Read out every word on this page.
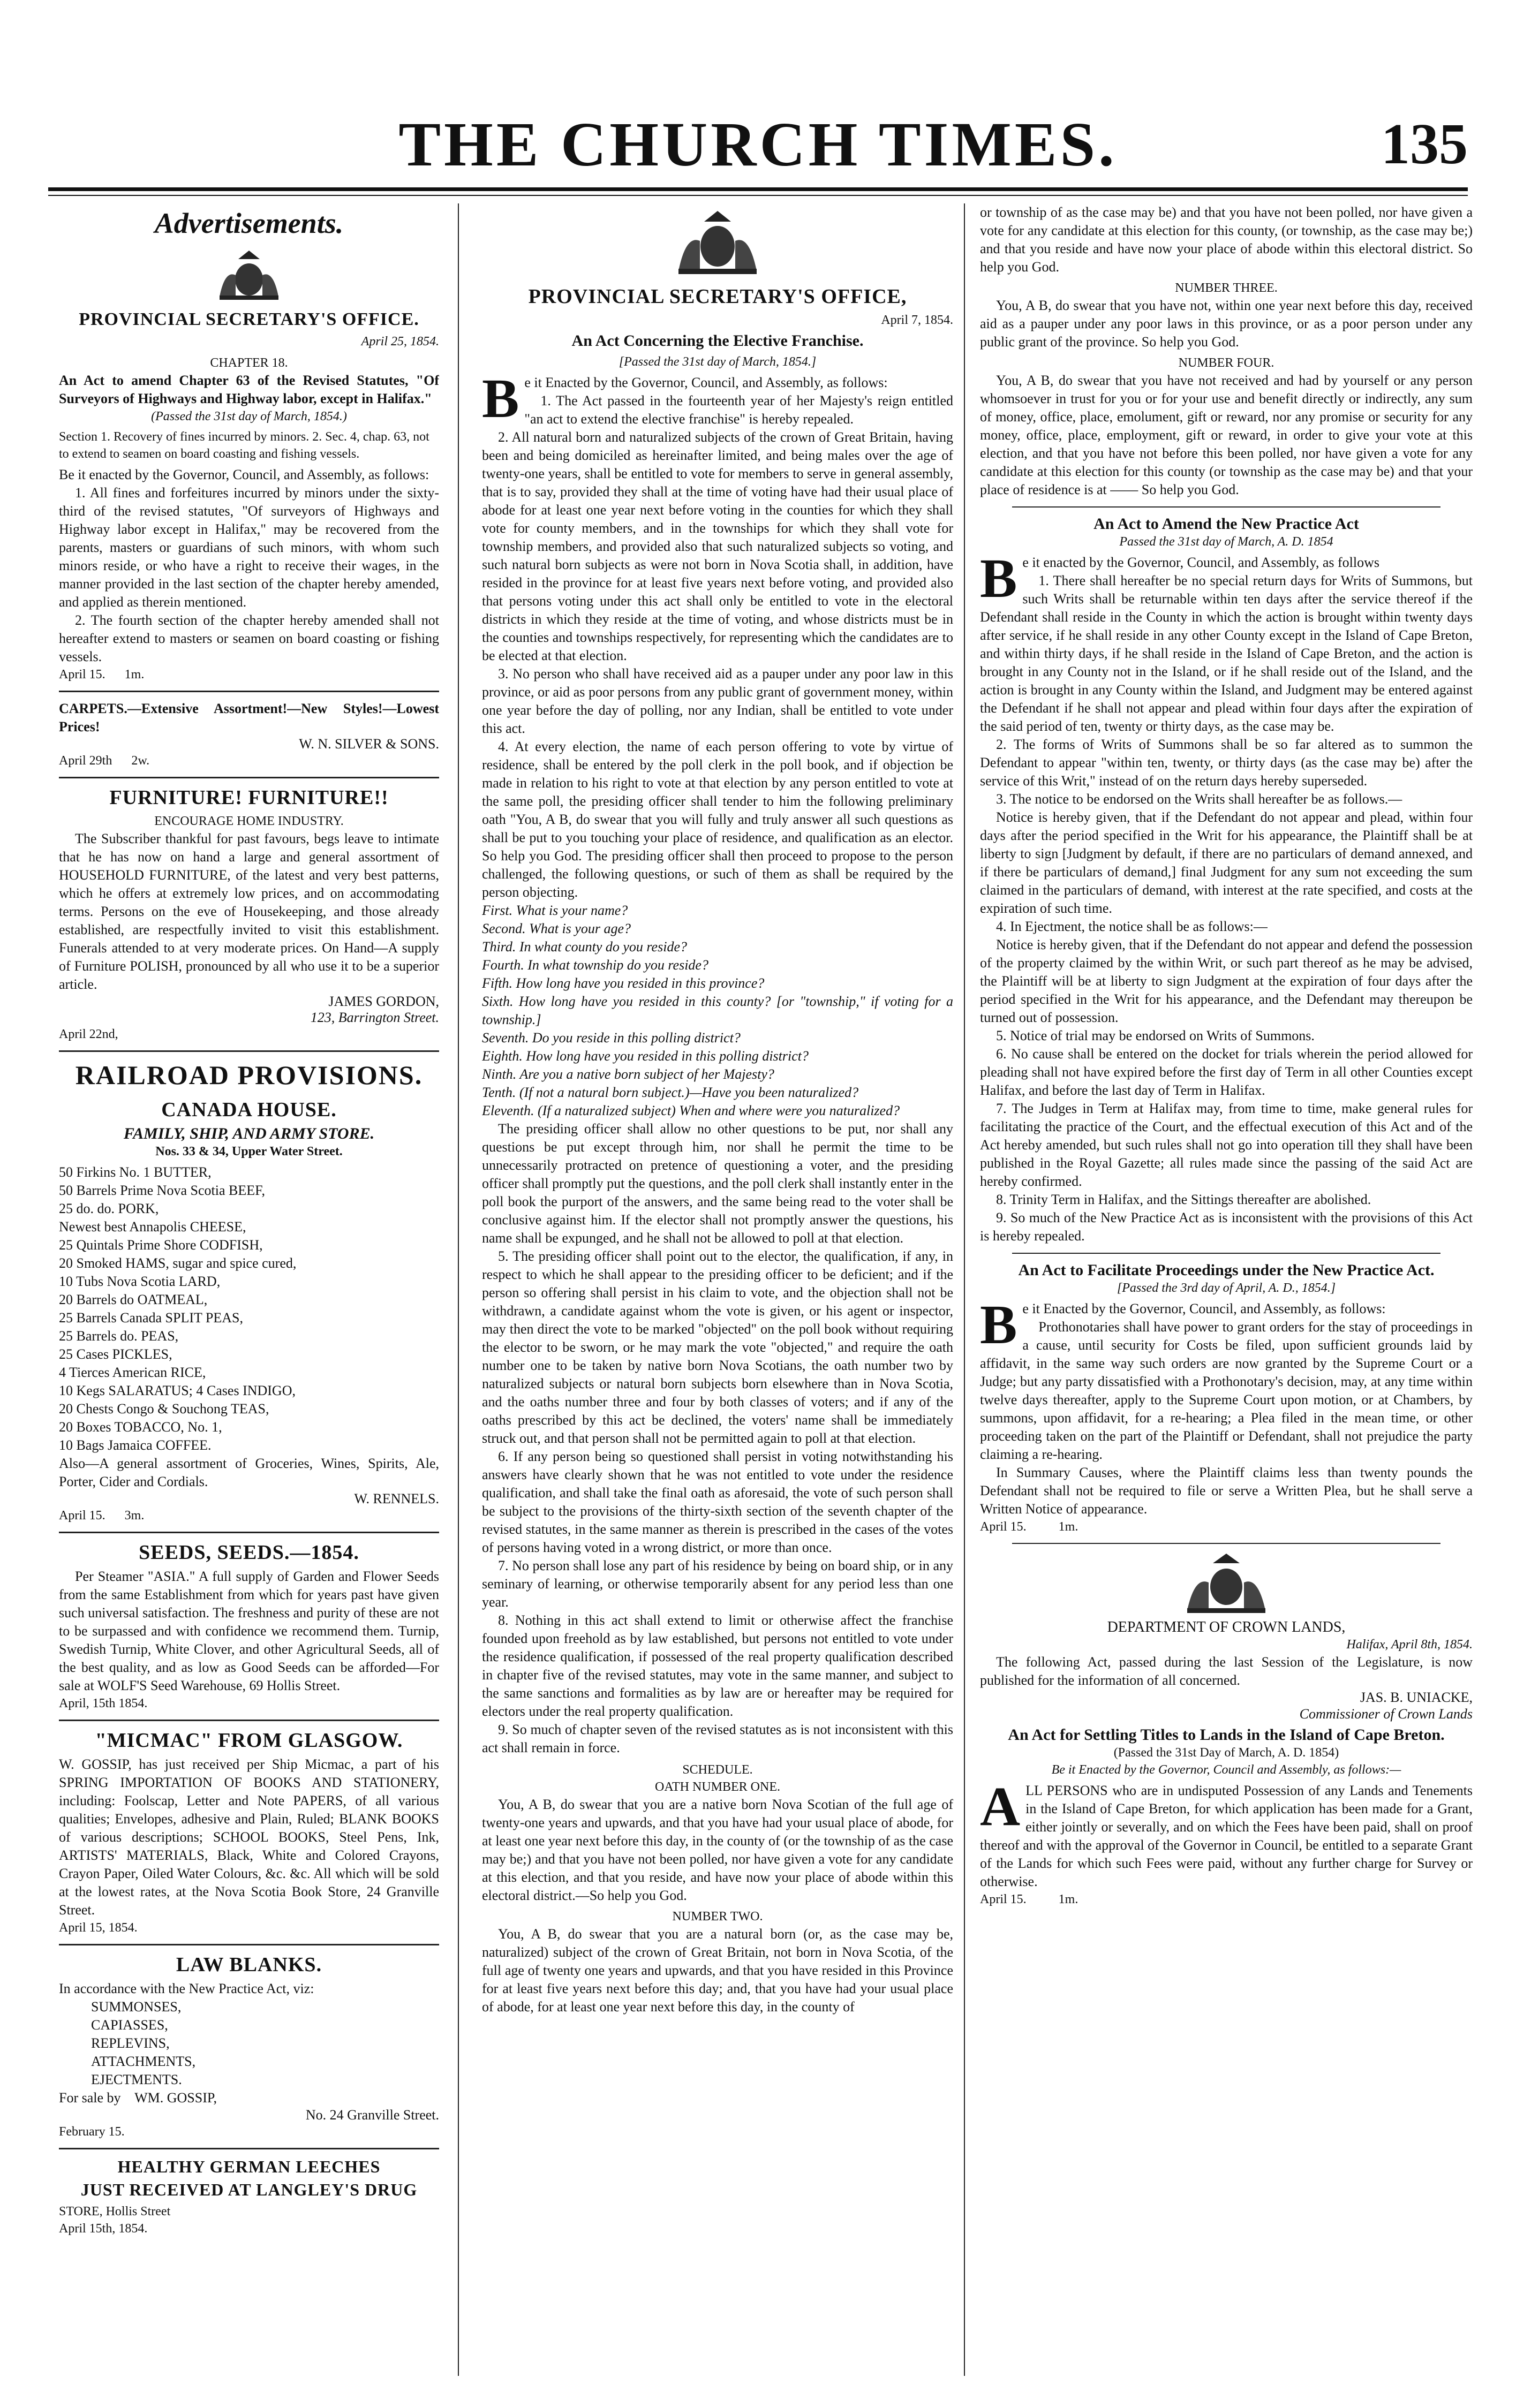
THE CHURCH TIMES.	135
Advertisements.
PROVINCIAL SECRETARY'S OFFICE.
April 25, 1854.
CHAPTER 18.

An Act to amend Chapter 63 of the Revised Statutes, "Of Surveyors of Highways and Highway labor, except in Halifax."

(Passed the 31st day of March, 1854.)

Section 1. Recovery of fines incurred by minors. 2. Sec. 4, chap. 63, not to extend to seamen on board coasting and fishing vessels.

Be it enacted by the Governor, Council, and Assembly, as follows:

1. All fines and forfeitures incurred by minors under the sixty-third of the revised statutes, "Of surveyors of Highways and Highway labor except in Halifax," may be recovered from the parents, masters or guardians of such minors, with whom such minors reside, or who have a right to receive their wages, in the manner provided in the last section of the chapter hereby amended, and applied as therein mentioned.

2. The fourth section of the chapter hereby amended shall not hereafter extend to masters or seamen on board coasting or fishing vessels.

April 15. 1m.

CARPETS.—Extensive Assortment!—New Styles!—Lowest Prices!

W. N. SILVER & SONS.

April 29th 2w.

FURNITURE! FURNITURE!!
ENCOURAGE HOME INDUSTRY.

The Subscriber thankful for past favours, begs leave to intimate that he has now on hand a large and general assortment of HOUSEHOLD FURNITURE, of the latest and very best patterns, which he offers at extremely low prices, and on accommodating terms. Persons on the eve of Housekeeping, and those already established, are respectfully invited to visit this establishment. Funerals attended to at very moderate prices. On Hand—A supply of Furniture POLISH, pronounced by all who use it to be a superior article.

JAMES GORDON,

123, Barrington Street.

April 22nd,

RAILROAD PROVISIONS.
CANADA HOUSE.
FAMILY, SHIP, AND ARMY STORE.
Nos. 33 & 34, Upper Water Street.
50 Firkins No. 1 BUTTER,
50 Barrels Prime Nova Scotia BEEF,
25 do. do. PORK,
Newest best Annapolis CHEESE,
25 Quintals Prime Shore CODFISH,
20 Smoked HAMS, sugar and spice cured,
10 Tubs Nova Scotia LARD,
20 Barrels do OATMEAL,
25 Barrels Canada SPLIT PEAS,
25 Barrels do. PEAS,
25 Cases PICKLES,
4 Tierces American RICE,
10 Kegs SALARATUS; 4 Cases INDIGO,
20 Chests Congo & Souchong TEAS,
20 Boxes TOBACCO, No. 1,
10 Bags Jamaica COFFEE.
Also—A general assortment of Groceries, Wines, Spirits, Ale, Porter, Cider and Cordials.

W. RENNELS.

April 15. 3m.

SEEDS, SEEDS.—1854.

Per Steamer "ASIA." A full supply of Garden and Flower Seeds from the same Establishment from which for years past have given such universal satisfaction. The freshness and purity of these are not to be surpassed and with confidence we recommend them. Turnip, Swedish Turnip, White Clover, and other Agricultural Seeds, all of the best quality, and as low as Good Seeds can be afforded—For sale at WOLF'S Seed Warehouse, 69 Hollis Street.

April, 15th 1854.

"MICMAC" FROM GLASGOW.

W. GOSSIP, has just received per Ship Micmac, a part of his SPRING IMPORTATION OF BOOKS AND STATIONERY, including: Foolscap, Letter and Note PAPERS, of all various qualities; Envelopes, adhesive and Plain, Ruled; BLANK BOOKS of various descriptions; SCHOOL BOOKS, Steel Pens, Ink, ARTISTS' MATERIALS, Black, White and Colored Crayons, Crayon Paper, Oiled Water Colours, &c. &c. All which will be sold at the lowest rates, at the Nova Scotia Book Store, 24 Granville Street.

April 15, 1854.

LAW BLANKS.

In accordance with the New Practice Act, viz:

SUMMONSES,
CAPIASSES,
REPLEVINS,
ATTACHMENTS,
EJECTMENTS.

For sale by WM. GOSSIP,

No. 24 Granville Street.

February 15.

HEALTHY GERMAN LEECHES
JUST RECEIVED AT LANGLEY'S DRUG

STORE, Hollis Street

April 15th, 1854.

PROVINCIAL SECRETARY'S OFFICE,
April 7, 1854.
An Act Concerning the Elective Franchise.
[Passed the 31st day of March, 1854.]

Be it Enacted by the Governor, Council, and Assembly, as follows:

1. The Act passed in the fourteenth year of her Majesty's reign entitled "an act to extend the elective franchise" is hereby repealed.

2. All natural born and naturalized subjects of the crown of Great Britain, having been and being domiciled as hereinafter limited, and being males over the age of twenty-one years, shall be entitled to vote for members to serve in general assembly, that is to say, provided they shall at the time of voting have had their usual place of abode for at least one year next before voting in the counties for which they shall vote for county members, and in the townships for which they shall vote for township members, and provided also that such naturalized subjects so voting, and such natural born subjects as were not born in Nova Scotia shall, in addition, have resided in the province for at least five years next before voting, and provided also that persons voting under this act shall only be entitled to vote in the electoral districts in which they reside at the time of voting, and whose districts must be in the counties and townships respectively, for representing which the candidates are to be elected at that election.

3. No person who shall have received aid as a pauper under any poor law in this province, or aid as poor persons from any public grant of government money, within one year before the day of polling, nor any Indian, shall be entitled to vote under this act.

4. At every election, the name of each person offering to vote by virtue of residence, shall be entered by the poll clerk in the poll book, and if objection be made in relation to his right to vote at that election by any person entitled to vote at the same poll, the presiding officer shall tender to him the following preliminary oath "You, A B, do swear that you will fully and truly answer all such questions as shall be put to you touching your place of residence, and qualification as an elector. So help you God. The presiding officer shall then proceed to propose to the person challenged, the following questions, or such of them as shall be required by the person objecting.

First. What is your name?
Second. What is your age?
Third. In what county do you reside?
Fourth. In what township do you reside?
Fifth. How long have you resided in this province?
Sixth. How long have you resided in this county? [or "township," if voting for a township.]
Seventh. Do you reside in this polling district?
Eighth. How long have you resided in this polling district?
Ninth. Are you a native born subject of her Majesty?
Tenth. (If not a natural born subject.)—Have you been naturalized?
Eleventh. (If a naturalized subject) When and where were you naturalized?

The presiding officer shall allow no other questions to be put, nor shall any questions be put except through him, nor shall he permit the time to be unnecessarily protracted on pretence of questioning a voter, and the presiding officer shall promptly put the questions, and the poll clerk shall instantly enter in the poll book the purport of the answers, and the same being read to the voter shall be conclusive against him. If the elector shall not promptly answer the questions, his name shall be expunged, and he shall not be allowed to poll at that election.

5. The presiding officer shall point out to the elector, the qualification, if any, in respect to which he shall appear to the presiding officer to be deficient; and if the person so offering shall persist in his claim to vote, and the objection shall not be withdrawn, a candidate against whom the vote is given, or his agent or inspector, may then direct the vote to be marked "objected" on the poll book without requiring the elector to be sworn, or he may mark the vote "objected," and require the oath number one to be taken by native born Nova Scotians, the oath number two by naturalized subjects or natural born subjects born elsewhere than in Nova Scotia, and the oaths number three and four by both classes of voters; and if any of the oaths prescribed by this act be declined, the voters' name shall be immediately struck out, and that person shall not be permitted again to poll at that election.

6. If any person being so questioned shall persist in voting notwithstanding his answers have clearly shown that he was not entitled to vote under the residence qualification, and shall take the final oath as aforesaid, the vote of such person shall be subject to the provisions of the thirty-sixth section of the seventh chapter of the revised statutes, in the same manner as therein is prescribed in the cases of the votes of persons having voted in a wrong district, or more than once.

7. No person shall lose any part of his residence by being on board ship, or in any seminary of learning, or otherwise temporarily absent for any period less than one year.

8. Nothing in this act shall extend to limit or otherwise affect the franchise founded upon freehold as by law established, but persons not entitled to vote under the residence qualification, if possessed of the real property qualification described in chapter five of the revised statutes, may vote in the same manner, and subject to the same sanctions and formalities as by law are or hereafter may be required for electors under the real property qualification.

9. So much of chapter seven of the revised statutes as is not inconsistent with this act shall remain in force.

SCHEDULE.
OATH NUMBER ONE.

You, A B, do swear that you are a native born Nova Scotian of the full age of twenty-one years and upwards, and that you have had your usual place of abode, for at least one year next before this day, in the county of (or the township of as the case may be;) and that you have not been polled, nor have given a vote for any candidate at this election, and that you reside, and have now your place of abode within this electoral district.—So help you God.

NUMBER TWO.

You, A B, do swear that you are a natural born (or, as the case may be, naturalized) subject of the crown of Great Britain, not born in Nova Scotia, of the full age of twenty one years and upwards, and that you have resided in this Province for at least five years next before this day; and, that you have had your usual place of abode, for at least one year next before this day, in the county of

or township of as the case may be) and that you have not been polled, nor have given a vote for any candidate at this election for this county, (or township, as the case may be;) and that you reside and have now your place of abode within this electoral district. So help you God.

NUMBER THREE.

You, A B, do swear that you have not, within one year next before this day, received aid as a pauper under any poor laws in this province, or as a poor person under any public grant of the province. So help you God.

NUMBER FOUR.

You, A B, do swear that you have not received and had by yourself or any person whomsoever in trust for you or for your use and benefit directly or indirectly, any sum of money, office, place, emolument, gift or reward, nor any promise or security for any money, office, place, employment, gift or reward, in order to give your vote at this election, and that you have not before this been polled, nor have given a vote for any candidate at this election for this county (or township as the case may be) and that your place of residence is at —— So help you God.

An Act to Amend the New Practice Act
Passed the 31st day of March, A. D. 1854

Be it enacted by the Governor, Council, and Assembly, as follows

1. There shall hereafter be no special return days for Writs of Summons, but such Writs shall be returnable within ten days after the service thereof if the Defendant shall reside in the County in which the action is brought within twenty days after service, if he shall reside in any other County except in the Island of Cape Breton, and within thirty days, if he shall reside in the Island of Cape Breton, and the action is brought in any County not in the Island, or if he shall reside out of the Island, and the action is brought in any County within the Island, and Judgment may be entered against the Defendant if he shall not appear and plead within four days after the expiration of the said period of ten, twenty or thirty days, as the case may be.

2. The forms of Writs of Summons shall be so far altered as to summon the Defendant to appear "within ten, twenty, or thirty days (as the case may be) after the service of this Writ," instead of on the return days hereby superseded.

3. The notice to be endorsed on the Writs shall hereafter be as follows.—

Notice is hereby given, that if the Defendant do not appear and plead, within four days after the period specified in the Writ for his appearance, the Plaintiff shall be at liberty to sign [Judgment by default, if there are no particulars of demand annexed, and if there be particulars of demand,] final Judgment for any sum not exceeding the sum claimed in the particulars of demand, with interest at the rate specified, and costs at the expiration of such time.

4. In Ejectment, the notice shall be as follows:—

Notice is hereby given, that if the Defendant do not appear and defend the possession of the property claimed by the within Writ, or such part thereof as he may be advised, the Plaintiff will be at liberty to sign Judgment at the expiration of four days after the period specified in the Writ for his appearance, and the Defendant may thereupon be turned out of possession.

5. Notice of trial may be endorsed on Writs of Summons.

6. No cause shall be entered on the docket for trials wherein the period allowed for pleading shall not have expired before the first day of Term in all other Counties except Halifax, and before the last day of Term in Halifax.

7. The Judges in Term at Halifax may, from time to time, make general rules for facilitating the practice of the Court, and the effectual execution of this Act and of the Act hereby amended, but such rules shall not go into operation till they shall have been published in the Royal Gazette; all rules made since the passing of the said Act are hereby confirmed.

8. Trinity Term in Halifax, and the Sittings thereafter are abolished.

9. So much of the New Practice Act as is inconsistent with the provisions of this Act is hereby repealed.

An Act to Facilitate Proceedings under the New Practice Act.
[Passed the 3rd day of April, A. D., 1854.]

Be it Enacted by the Governor, Council, and Assembly, as follows:

Prothonotaries shall have power to grant orders for the stay of proceedings in a cause, until security for Costs be filed, upon sufficient grounds laid by affidavit, in the same way such orders are now granted by the Supreme Court or a Judge; but any party dissatisfied with a Prothonotary's decision, may, at any time within twelve days thereafter, apply to the Supreme Court upon motion, or at Chambers, by summons, upon affidavit, for a re-hearing; a Plea filed in the mean time, or other proceeding taken on the part of the Plaintiff or Defendant, shall not prejudice the party claiming a re-hearing.

In Summary Causes, where the Plaintiff claims less than twenty pounds the Defendant shall not be required to file or serve a Written Plea, but he shall serve a Written Notice of appearance.

April 15.	1m.

DEPARTMENT OF CROWN LANDS,
Halifax, April 8th, 1854.

The following Act, passed during the last Session of the Legislature, is now published for the information of all concerned.

JAS. B. UNIACKE,

Commissioner of Crown Lands

An Act for Settling Titles to Lands in the Island of Cape Breton.
(Passed the 31st Day of March, A. D. 1854)
Be it Enacted by the Governor, Council and Assembly, as follows:—

ALL PERSONS who are in undisputed Possession of any Lands and Tenements in the Island of Cape Breton, for which application has been made for a Grant, either jointly or severally, and on which the Fees have been paid, shall on proof thereof and with the approval of the Governor in Council, be entitled to a separate Grant of the Lands for which such Fees were paid, without any further charge for Survey or otherwise.

April 15.	1m.
